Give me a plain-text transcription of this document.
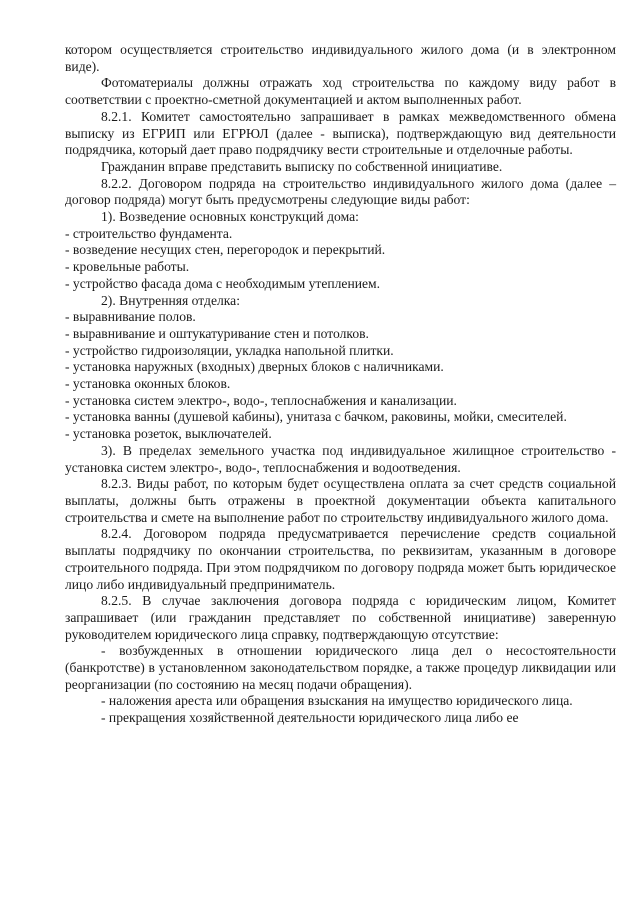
котором осуществляется строительство индивидуального жилого дома (и в электронном виде).

Фотоматериалы должны отражать ход строительства по каждому виду работ в соответствии с проектно-сметной документацией и актом выполненных работ.

8.2.1. Комитет самостоятельно запрашивает в рамках межведомственного обмена выписку из ЕГРИП или ЕГРЮЛ (далее - выписка), подтверждающую вид деятельности подрядчика, который дает право подрядчику вести строительные и отделочные работы.

Гражданин вправе представить выписку по собственной инициативе.

8.2.2. Договором подряда на строительство индивидуального жилого дома (далее – договор подряда) могут быть предусмотрены следующие виды работ:

1). Возведение основных конструкций дома:

- строительство фундамента.

- возведение несущих стен, перегородок и перекрытий.

- кровельные работы.

- устройство фасада дома с необходимым утеплением.

2). Внутренняя отделка:

- выравнивание полов.

- выравнивание и оштукатуривание стен и потолков.

- устройство гидроизоляции, укладка напольной плитки.

- установка наружных (входных) дверных блоков с наличниками.

- установка оконных блоков.

- установка систем электро-, водо-, теплоснабжения и канализации.

- установка ванны (душевой кабины), унитаза с бачком, раковины, мойки, смесителей.

- установка розеток, выключателей.

3). В пределах земельного участка под индивидуальное жилищное строительство - установка систем электро-, водо-, теплоснабжения и водоотведения.

8.2.3. Виды работ, по которым будет осуществлена оплата за счет средств социальной выплаты, должны быть отражены в проектной документации объекта капитального строительства и смете на выполнение работ по строительству индивидуального жилого дома.

8.2.4. Договором подряда предусматривается перечисление средств социальной выплаты подрядчику по окончании строительства, по реквизитам, указанным в договоре строительного подряда. При этом подрядчиком по договору подряда может быть юридическое лицо либо индивидуальный предприниматель.

8.2.5. В случае заключения договора подряда с юридическим лицом, Комитет запрашивает (или гражданин представляет по собственной инициативе) заверенную руководителем юридического лица справку, подтверждающую отсутствие:

- возбужденных в отношении юридического лица дел о несостоятельности (банкротстве) в установленном законодательством порядке, а также процедур ликвидации или реорганизации (по состоянию на месяц подачи обращения).

- наложения ареста или обращения взыскания на имущество юридического лица.

- прекращения хозяйственной деятельности юридического лица либо ее
